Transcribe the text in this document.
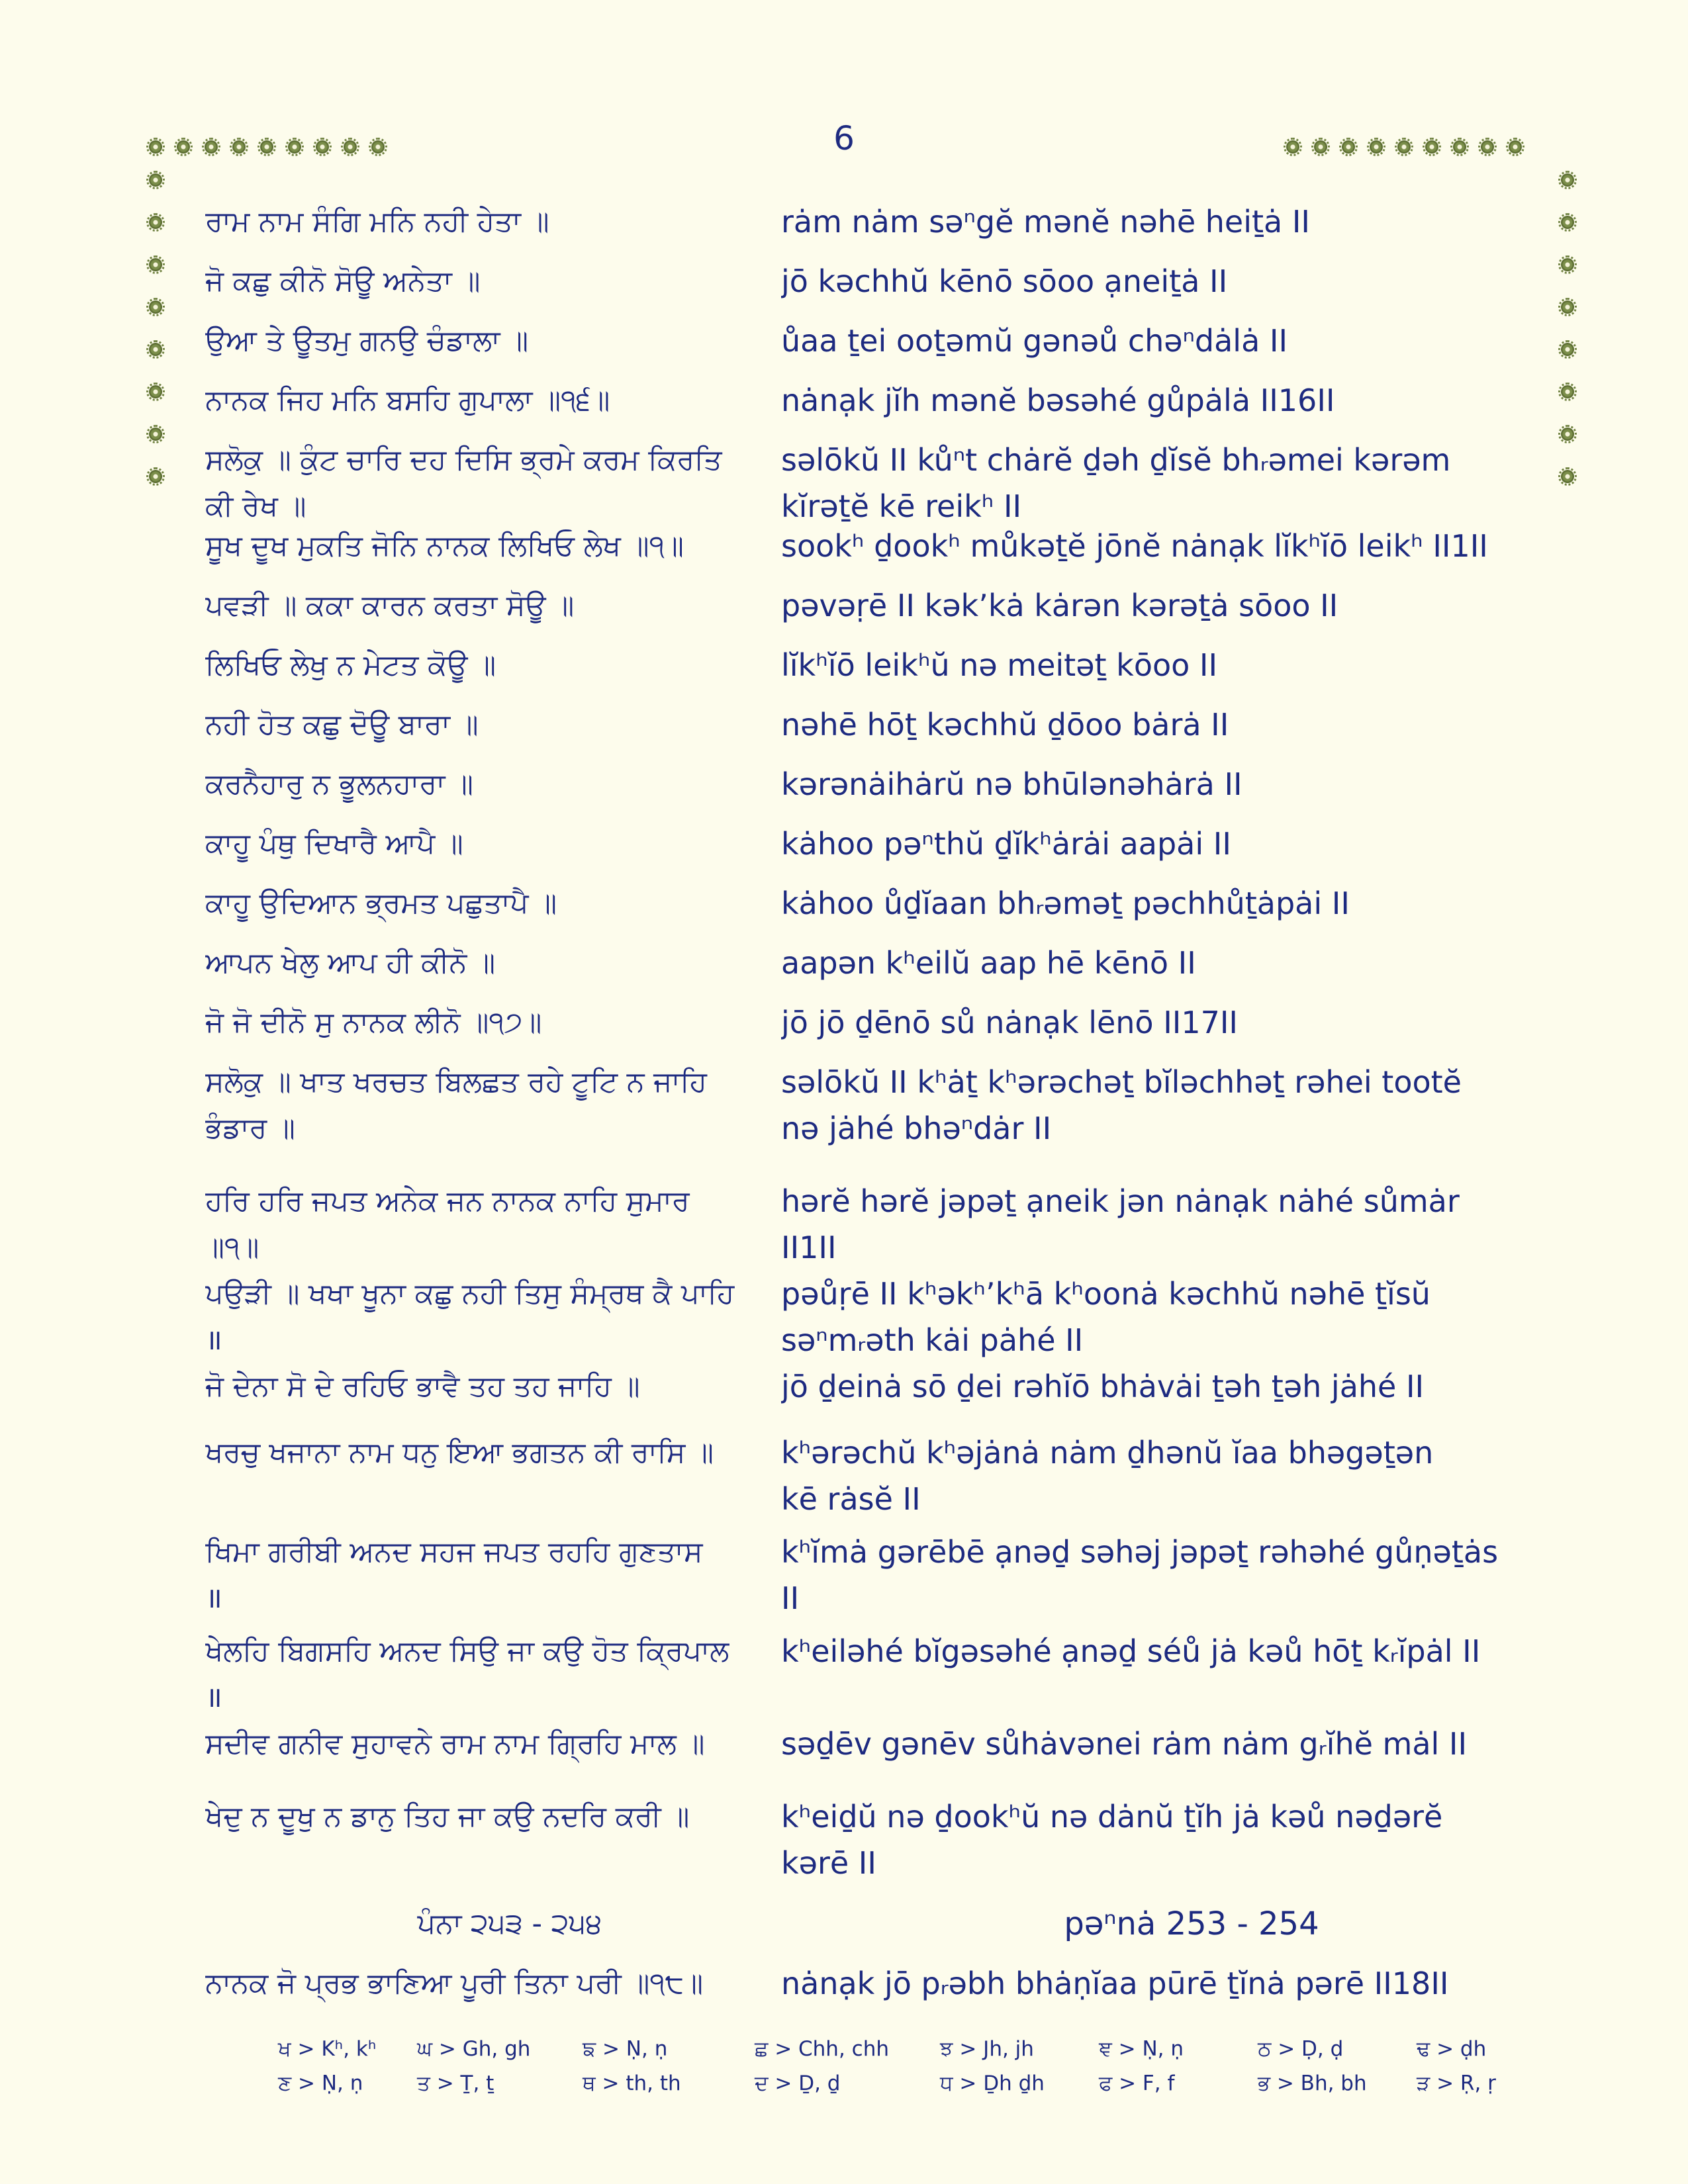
6
ਰਾਮ ਨਾਮ ਸੰਗਿ ਮਨਿ ਨਹੀ ਹੇਤਾ ॥	rȧm nȧm səⁿgĕ mənĕ nəhē heiṯȧ II
ਜੋ ਕਛੁ ਕੀਨੋ ਸੋਊ ਅਨੇਤਾ ॥	jō kəchhŭ kēnō sōoo ạneiṯȧ II
ਉਆ ਤੇ ਊਤਮੁ ਗਨਉ ਚੰਡਾਲਾ ॥	ůaa ṯei ooṯəmŭ gənəů chəⁿdȧlȧ II
ਨਾਨਕ ਜਿਹ ਮਨਿ ਬਸਹਿ ਗੁਪਾਲਾ ॥੧੬॥	nȧnạk jĭh mənĕ bəsəhé gůpȧlȧ II16II
ਸਲੋਕੁ ॥ ਕੁੰਟ ਚਾਰਿ ਦਹ ਦਿਸਿ ਭ੍ਰਮੇ ਕਰਮ ਕਿਰਤਿ	səlōkŭ II kůⁿt chȧrĕ ḏəh ḏĭsĕ bhᵣəmei kərəm
ਕੀ ਰੇਖ ॥	kĭrəṯĕ kē reikʰ II
ਸੂਖ ਦੂਖ ਮੁਕਤਿ ਜੋਨਿ ਨਾਨਕ ਲਿਖਿਓ ਲੇਖ ॥੧॥	sookʰ ḏookʰ můkəṯĕ jōnĕ nȧnạk lĭkʰĭō leikʰ II1II
ਪਵੜੀ ॥ ਕਕਾ ਕਾਰਨ ਕਰਤਾ ਸੋਊ ॥	pəvəṛē II kək’kȧ kȧrən kərəṯȧ sōoo II
ਲਿਖਿਓ ਲੇਖੁ ਨ ਮੇਟਤ ਕੋਊ ॥	lĭkʰĭō leikʰŭ nə meitəṯ kōoo II
ਨਹੀ ਹੋਤ ਕਛੁ ਦੋਊ ਬਾਰਾ ॥	nəhē hōṯ kəchhŭ ḏōoo bȧrȧ II
ਕਰਨੈਹਾਰੁ ਨ ਭੂਲਨਹਾਰਾ ॥	kərənȧihȧrŭ nə bhūlənəhȧrȧ II
ਕਾਹੂ ਪੰਥੁ ਦਿਖਾਰੈ ਆਪੈ ॥	kȧhoo pəⁿthŭ ḏĭkʰȧrȧi aapȧi II
ਕਾਹੂ ਉਦਿਆਨ ਭ੍ਰਮਤ ਪਛੁਤਾਪੈ ॥	kȧhoo ůḏĭaan bhᵣəməṯ pəchhůṯȧpȧi II
ਆਪਨ ਖੇਲੁ ਆਪ ਹੀ ਕੀਨੋ ॥	aapən kʰeilŭ aap hē kēnō II
ਜੋ ਜੋ ਦੀਨੋ ਸੁ ਨਾਨਕ ਲੀਨੋ ॥੧੭॥	jō jō ḏēnō sů nȧnạk lēnō II17II
ਸਲੋਕੁ ॥ ਖਾਤ ਖਰਚਤ ਬਿਲਛਤ ਰਹੇ ਟੂਟਿ ਨ ਜਾਹਿ	səlōkŭ II kʰȧṯ kʰərəchəṯ bĭləchhəṯ rəhei tootĕ
ਭੰਡਾਰ ॥	nə jȧhé bhəⁿdȧr II
ਹਰਿ ਹਰਿ ਜਪਤ ਅਨੇਕ ਜਨ ਨਾਨਕ ਨਾਹਿ ਸੁਮਾਰ	hərĕ hərĕ jəpəṯ ạneik jən nȧnạk nȧhé sůmȧr
॥੧॥	II1II
ਪਉੜੀ ॥ ਖਖਾ ਖੂਨਾ ਕਛੁ ਨਹੀ ਤਿਸੁ ਸੰਮ੍ਰਥ ਕੈ ਪਾਹਿ	pəůṛē II kʰəkʰ’kʰā kʰoonȧ kəchhŭ nəhē ṯĭsŭ
॥	səⁿmᵣəth kȧi pȧhé II
ਜੋ ਦੇਨਾ ਸੋ ਦੇ ਰਹਿਓ ਭਾਵੈ ਤਹ ਤਹ ਜਾਹਿ ॥	jō ḏeinȧ sō ḏei rəhĭō bhȧvȧi ṯəh ṯəh jȧhé II
ਖਰਚੁ ਖਜਾਨਾ ਨਾਮ ਧਨੁ ਇਆ ਭਗਤਨ ਕੀ ਰਾਸਿ ॥	kʰərəchŭ kʰəjȧnȧ nȧm ḏhənŭ ĭaa bhəgəṯən
kē rȧsĕ II
ਖਿਮਾ ਗਰੀਬੀ ਅਨਦ ਸਹਜ ਜਪਤ ਰਹਹਿ ਗੁਣਤਾਸ	kʰĭmȧ gərēbē ạnəḏ səhəj jəpəṯ rəhəhé gůṇəṯȧs
॥	II
ਖੇਲਹਿ ਬਿਗਸਹਿ ਅਨਦ ਸਿਉ ਜਾ ਕਉ ਹੋਤ ਕ੍ਰਿਪਾਲ	kʰeiləhé bĭgəsəhé ạnəḏ séů jȧ kəů hōṯ kᵣĭpȧl II
॥
ਸਦੀਵ ਗਨੀਵ ਸੁਹਾਵਨੇ ਰਾਮ ਨਾਮ ਗ੍ਰਿਹਿ ਮਾਲ ॥	səḏēv gənēv sůhȧvənei rȧm nȧm gᵣĭhĕ mȧl II
ਖੇਦੁ ਨ ਦੂਖੁ ਨ ਡਾਨੁ ਤਿਹ ਜਾ ਕਉ ਨਦਰਿ ਕਰੀ ॥	kʰeiḏŭ nə ḏookʰŭ nə dȧnŭ ṯĭh jȧ kəů nəḏərĕ
kərē II
ਪੰਨਾ ੨੫੩ - ੨੫੪	pəⁿnȧ 253 - 254
ਨਾਨਕ ਜੋ ਪ੍ਰਭ ਭਾਣਿਆ ਪੂਰੀ ਤਿਨਾ ਪਰੀ ॥੧੮॥	nȧnạk jō pᵣəbh bhȧṇĭaa pūrē ṯĭnȧ pərē II18II
ਖ > Kʰ, kʰ ਘ > Gh, gh	ਙ > Ṇ, ṇ	ਛ > Chh, chh ਝ > Jh, jh	ਞ > Ṇ, ṇ	ਠ > Ḍ, ḍ	ਢ > ḍh
ਣ > Ṇ, ṇ	ਤ > Ṯ, ṯ	ਥ > th, th	ਦ > Ḏ, ḏ	ਧ > Ḏh ḏh	ਫ > F, f	ਭ > Bh, bh ੜ > Ṛ, ṛ
